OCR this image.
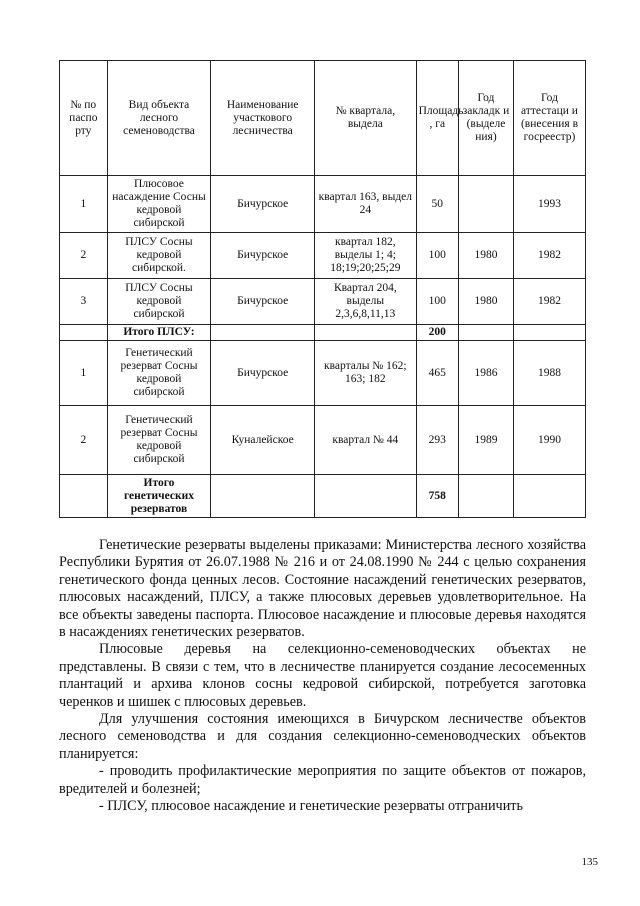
№ по паспо рту	Вид объекта лесного семеноводства	Наименование участкового лесничества	№ квартала, выдела	Площадь , га	Год закладк и (выделе ния)	Год аттестаци и (внесения в госреестр)
1	Плюсовое насаждение Сосны кедровой сибирской	Бичурское	квартал 163, выдел 24	50		1993
2	ПЛСУ Сосны кедровой сибирской.	Бичурское	квартал 182, выделы 1; 4; 18;19;20;25;29	100	1980	1982
3	ПЛСУ Сосны кедровой сибирской	Бичурское	Квартал 204, выделы 2,3,6,8,11,13	100	1980	1982
	Итого ПЛСУ:			200		
1	Генетический резерват Сосны кедровой сибирской	Бичурское	кварталы № 162; 163; 182	465	1986	1988
2	Генетический резерват Сосны кедровой сибирской	Куналейское	квартал № 44	293	1989	1990
	Итого генетических резерватов			758		

Генетические резерваты выделены приказами: Министерства лесного хозяйства Республики Бурятия от 26.07.1988 № 216 и от 24.08.1990 № 244 с целью сохранения генетического фонда ценных лесов. Состояние насаждений генетических резерватов, плюсовых насаждений, ПЛСУ, а также плюсовых деревьев удовлетворительное. На все объекты заведены паспорта. Плюсовое насаждение и плюсовые деревья находятся в насаждениях генетических резерватов.

Плюсовые деревья на селекционно-семеноводческих объектах не представлены. В связи с тем, что в лесничестве планируется создание лесосеменных плантаций и архива клонов сосны кедровой сибирской, потребуется заготовка черенков и шишек с плюсовых деревьев.

Для улучшения состояния имеющихся в Бичурском лесничестве объектов лесного семеноводства и для создания селекционно-семеноводческих объектов планируется:

- проводить профилактические мероприятия по защите объектов от пожаров, вредителей и болезней;

- ПЛСУ, плюсовое насаждение и генетические резерваты отграничить

135
